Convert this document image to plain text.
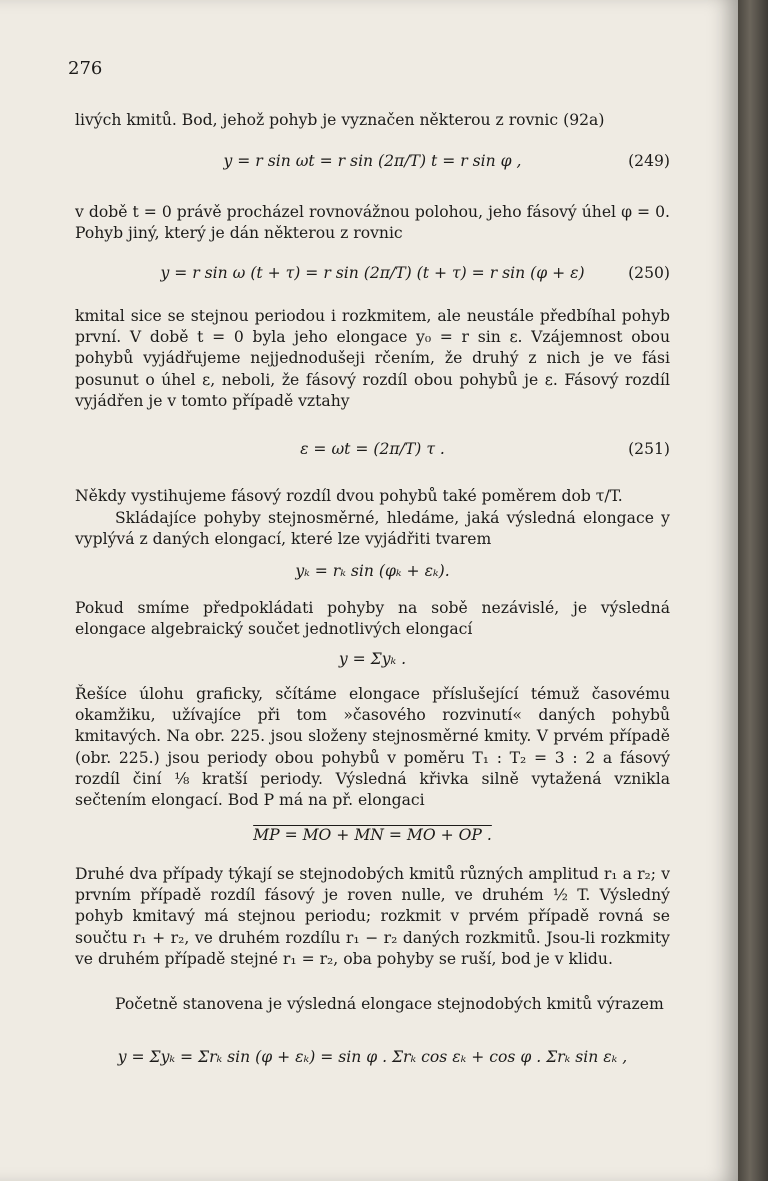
276
livých kmitů. Bod, jehož pohyb je vyznačen některou z rovnic (92a)
y = r sin ωt = r sin (2π/T) t = r sin φ ,	(249)
v době t = 0 právě procházel rovnovážnou polohou, jeho fásový úhel φ = 0. Pohyb jiný, který je dán některou z rovnic
y = r sin ω (t + τ) = r sin (2π/T) (t + τ) = r sin (φ + ε)	(250)
kmital sice se stejnou periodou i rozkmitem, ale neustále předbíhal pohyb první. V době t = 0 byla jeho elongace y₀ = r sin ε. Vzájemnost obou pohybů vyjádřujeme nejjednodušeji rčením, že druhý z nich je ve fási posunut o úhel ε, neboli, že fásový rozdíl obou pohybů je ε. Fásový rozdíl vyjádřen je v tomto případě vztahy
ε = ωt = (2π/T) τ .	(251)
Někdy vystihujeme fásový rozdíl dvou pohybů také poměrem dob τ/T.
Skládajíce pohyby stejnosměrné, hledáme, jaká výsledná elongace y vyplývá z daných elongací, které lze vyjádřiti tvarem
yₖ = rₖ sin (φₖ + εₖ).
Pokud smíme předpokládati pohyby na sobě nezávislé, je výsledná elongace algebraický součet jednotlivých elongací
y = Σyₖ .
Řešíce úlohu graficky, sčítáme elongace příslušející témuž časovému okamžiku, užívajíce při tom »časového rozvinutí« daných pohybů kmitavých. Na obr. 225. jsou složeny stejnosměrné kmity. V prvém případě (obr. 225.) jsou periody obou pohybů v poměru T₁ : T₂ = 3 : 2 a fásový rozdíl činí ⅛ kratší periody. Výsledná křivka silně vytažená vznikla sečtením elongací. Bod P má na př. elongaci
MP = MO + MN = MO + OP .
Druhé dva případy týkají se stejnodobých kmitů různých amplitud r₁ a r₂; v prvním případě rozdíl fásový je roven nulle, ve druhém ½ T. Výsledný pohyb kmitavý má stejnou periodu; rozkmit v prvém případě rovná se součtu r₁ + r₂, ve druhém rozdílu r₁ − r₂ daných rozkmitů. Jsou-li rozkmity ve druhém případě stejné r₁ = r₂, oba pohyby se ruší, bod je v klidu.
Početně stanovena je výsledná elongace stejnodobých kmitů výrazem
y = Σyₖ = Σrₖ sin (φ + εₖ) = sin φ . Σrₖ cos εₖ + cos φ . Σrₖ sin εₖ ,
